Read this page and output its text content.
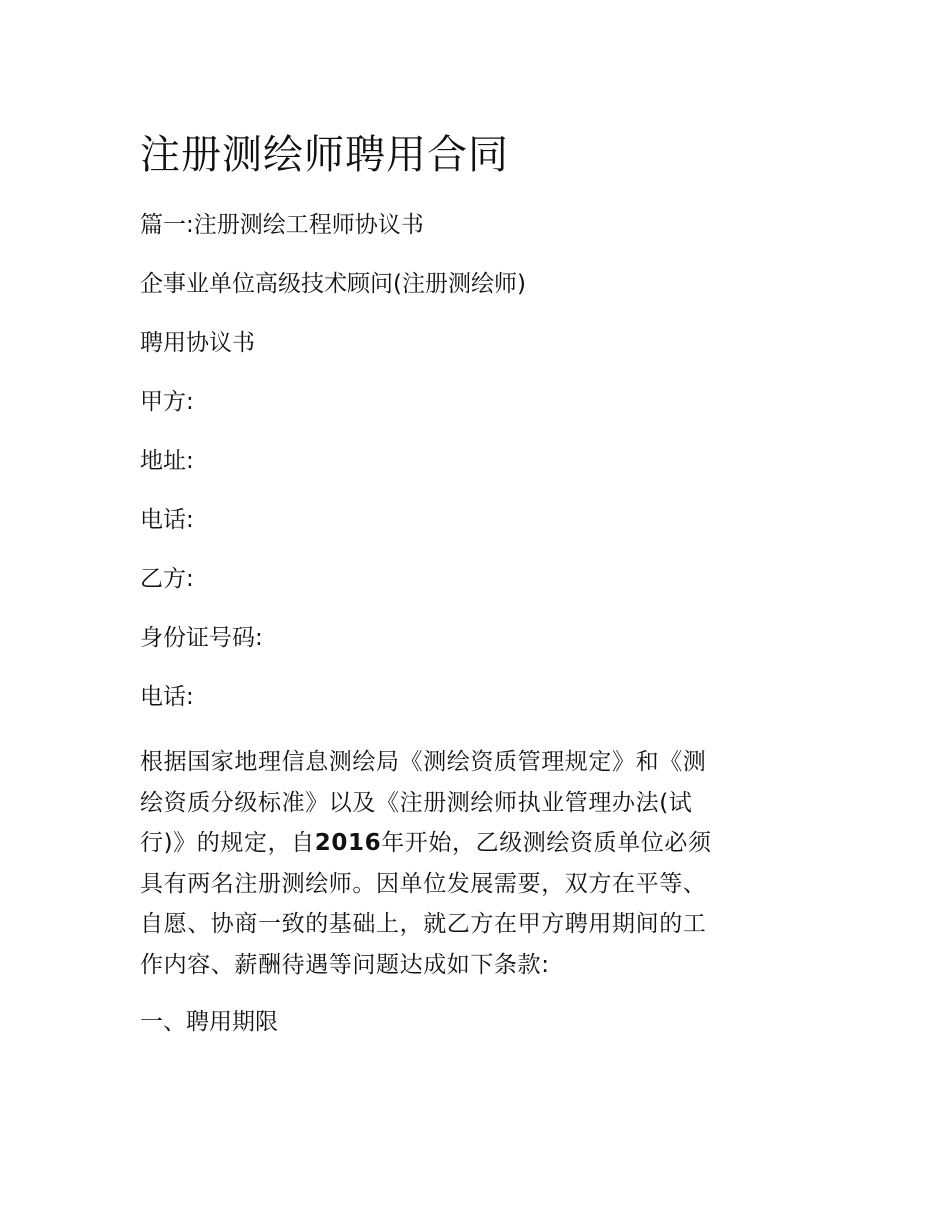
注册测绘师聘用合同

篇一:注册测绘工程师协议书

企事业单位高级技术顾问(注册测绘师)

聘用协议书

甲方:

地址:

电话:

乙方:

身份证号码:

电话:

根据国家地理信息测绘局《测绘资质管理规定》和《测
绘资质分级标准》以及《注册测绘师执业管理办法(试
行)》的规定，自2016年开始，乙级测绘资质单位必须
具有两名注册测绘师。因单位发展需要，双方在平等、
自愿、协商一致的基础上，就乙方在甲方聘用期间的工
作内容、薪酬待遇等问题达成如下条款:

一、聘用期限
